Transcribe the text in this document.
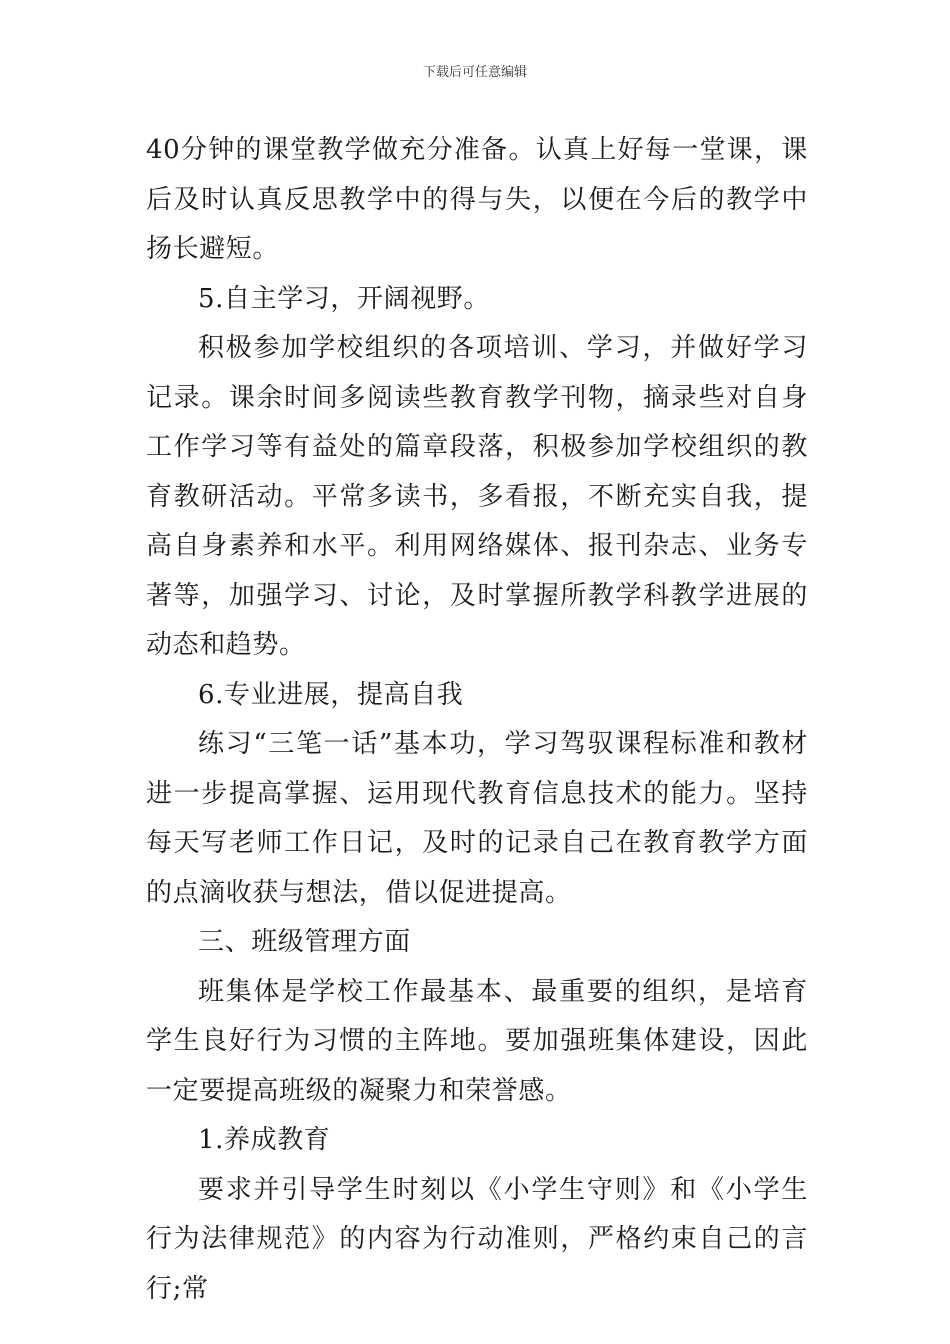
下载后可任意编辑

40分钟的课堂教学做充分准备。认真上好每一堂课，课后及时认真反思教学中的得与失，以便在今后的教学中扬长避短。

5.自主学习，开阔视野。

积极参加学校组织的各项培训、学习，并做好学习记录。课余时间多阅读些教育教学刊物，摘录些对自身工作学习等有益处的篇章段落，积极参加学校组织的教育教研活动。平常多读书，多看报，不断充实自我，提高自身素养和水平。利用网络媒体、报刊杂志、业务专著等，加强学习、讨论，及时掌握所教学科教学进展的动态和趋势。

6.专业进展，提高自我

练习“三笔一话”基本功，学习驾驭课程标准和教材进一步提高掌握、运用现代教育信息技术的能力。坚持每天写老师工作日记，及时的记录自己在教育教学方面的点滴收获与想法，借以促进提高。

三、班级管理方面

班集体是学校工作最基本、最重要的组织，是培育学生良好行为习惯的主阵地。要加强班集体建设，因此一定要提高班级的凝聚力和荣誉感。

1.养成教育

要求并引导学生时刻以《小学生守则》和《小学生行为法律规范》的内容为行动准则，严格约束自己的言行;常
